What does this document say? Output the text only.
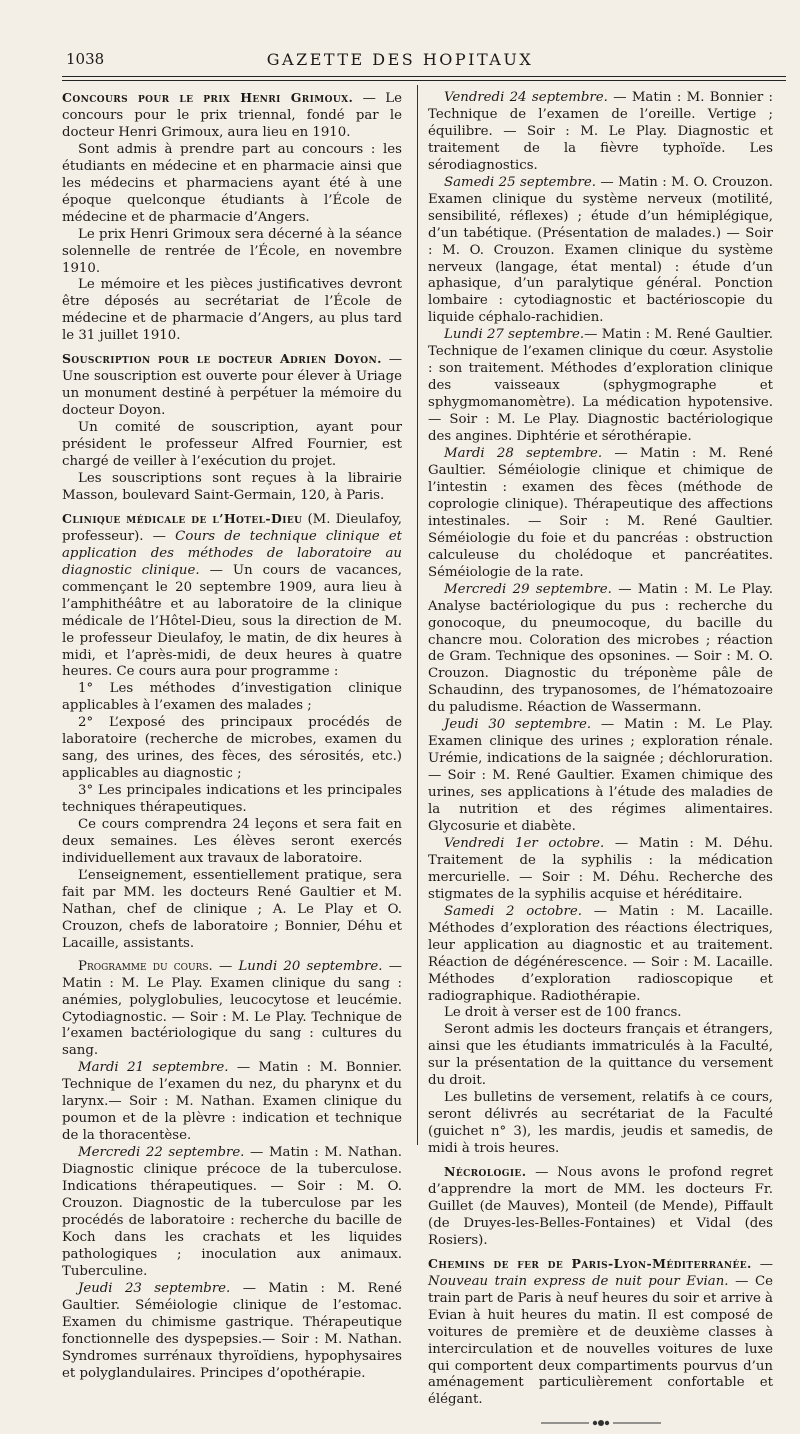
1038	GAZETTE DES HOPITAUX

Concours pour le prix Henri Grimoux. — Le concours pour le prix triennal, fondé par le docteur Henri Grimoux, aura lieu en 1910.

Sont admis à prendre part au concours : les étudiants en médecine et en pharmacie ainsi que les médecins et pharmaciens ayant été à une époque quelconque étudiants à l’École de médecine et de pharmacie d’Angers.

Le prix Henri Grimoux sera décerné à la séance solennelle de rentrée de l’École, en novembre 1910.

Le mémoire et les pièces justificatives devront être déposés au secrétariat de l’École de médecine et de pharmacie d’Angers, au plus tard le 31 juillet 1910.

Souscription pour le docteur Adrien Doyon. — Une souscription est ouverte pour élever à Uriage un monument destiné à perpétuer la mémoire du docteur Doyon.

Un comité de souscription, ayant pour président le professeur Alfred Fournier, est chargé de veiller à l’exécution du projet.

Les souscriptions sont reçues à la librairie Masson, boulevard Saint-Germain, 120, à Paris.

Clinique médicale de l’Hotel-Dieu (M. Dieulafoy, professeur). — Cours de technique clinique et application des méthodes de laboratoire au diagnostic clinique. — Un cours de vacances, commençant le 20 septembre 1909, aura lieu à l’amphithéâtre et au laboratoire de la clinique médicale de l’Hôtel-Dieu, sous la direction de M. le professeur Dieulafoy, le matin, de dix heures à midi, et l’après-midi, de deux heures à quatre heures. Ce cours aura pour programme :

1° Les méthodes d’investigation clinique applicables à l’examen des malades ;

2° L’exposé des principaux procédés de laboratoire (recherche de microbes, examen du sang, des urines, des fèces, des sérosités, etc.) applicables au diagnostic ;

3° Les principales indications et les principales techniques thérapeutiques.

Ce cours comprendra 24 leçons et sera fait en deux semaines. Les élèves seront exercés individuellement aux travaux de laboratoire.

L’enseignement, essentiellement pratique, sera fait par MM. les docteurs René Gaultier et M. Nathan, chef de clinique ; A. Le Play et O. Crouzon, chefs de laboratoire ; Bonnier, Déhu et Lacaille, assistants.

Programme du cours. — Lundi 20 septembre. — Matin : M. Le Play. Examen clinique du sang : anémies, polyglobulies, leucocytose et leucémie. Cytodiagnostic. — Soir : M. Le Play. Technique de l’examen bactériologique du sang : cultures du sang.

Mardi 21 septembre. — Matin : M. Bonnier. Technique de l’examen du nez, du pharynx et du larynx.— Soir : M. Nathan. Examen clinique du poumon et de la plèvre : indication et technique de la thoracentèse.

Mercredi 22 septembre. — Matin : M. Nathan. Diagnostic clinique précoce de la tuberculose. Indications thérapeutiques. — Soir : M. O. Crouzon. Diagnostic de la tuberculose par les procédés de laboratoire : recherche du bacille de Koch dans les crachats et les liquides pathologiques ; inoculation aux animaux. Tuberculine.

Jeudi 23 septembre. — Matin : M. René Gaultier. Séméiologie clinique de l’estomac. Examen du chimisme gastrique. Thérapeutique fonctionnelle des dyspepsies.— Soir : M. Nathan. Syndromes surrénaux thyroïdiens, hypophysaires et polyglandulaires. Principes d’opothérapie.

Vendredi 24 septembre. — Matin : M. Bonnier : Technique de l’examen de l’oreille. Vertige ; équilibre. — Soir : M. Le Play. Diagnostic et traitement de la fièvre typhoïde. Les sérodiagnostics.

Samedi 25 septembre. — Matin : M. O. Crouzon. Examen clinique du système nerveux (motilité, sensibilité, réflexes) ; étude d’un hémiplégique, d’un tabétique. (Présentation de malades.) — Soir : M. O. Crouzon. Examen clinique du système nerveux (langage, état mental) : étude d’un aphasique, d’un paralytique général. Ponction lombaire : cytodiagnostic et bactérioscopie du liquide céphalo-rachidien.

Lundi 27 septembre.— Matin : M. René Gaultier. Technique de l’examen clinique du cœur. Asystolie : son traitement. Méthodes d’exploration clinique des vaisseaux (sphygmographe et sphygmomanomètre). La médication hypotensive. — Soir : M. Le Play. Diagnostic bactériologique des angines. Diphtérie et sérothérapie.

Mardi 28 septembre. — Matin : M. René Gaultier. Séméiologie clinique et chimique de l’intestin : examen des fèces (méthode de coprologie clinique). Thérapeutique des affections intestinales. — Soir : M. René Gaultier. Séméiologie du foie et du pancréas : obstruction calculeuse du cholédoque et pancréatites. Séméiologie de la rate.

Mercredi 29 septembre. — Matin : M. Le Play. Analyse bactériologique du pus : recherche du gonocoque, du pneumocoque, du bacille du chancre mou. Coloration des microbes ; réaction de Gram. Technique des opsonines. — Soir : M. O. Crouzon. Diagnostic du tréponème pâle de Schaudinn, des trypanosomes, de l’hématozoaire du paludisme. Réaction de Wassermann.

Jeudi 30 septembre. — Matin : M. Le Play. Examen clinique des urines ; exploration rénale. Urémie, indications de la saignée ; déchloruration. — Soir : M. René Gaultier. Examen chimique des urines, ses applications à l’étude des maladies de la nutrition et des régimes alimentaires. Glycosurie et diabète.

Vendredi 1er octobre. — Matin : M. Déhu. Traitement de la syphilis : la médication mercurielle. — Soir : M. Déhu. Recherche des stigmates de la syphilis acquise et héréditaire.

Samedi 2 octobre. — Matin : M. Lacaille. Méthodes d’exploration des réactions électriques, leur application au diagnostic et au traitement. Réaction de dégénérescence. — Soir : M. Lacaille. Méthodes d’exploration radioscopique et radiographique. Radiothérapie.

Le droit à verser est de 100 francs.

Seront admis les docteurs français et étrangers, ainsi que les étudiants immatriculés à la Faculté, sur la présentation de la quittance du versement du droit.

Les bulletins de versement, relatifs à ce cours, seront délivrés au secrétariat de la Faculté (guichet n° 3), les mardis, jeudis et samedis, de midi à trois heures.

Nécrologie. — Nous avons le profond regret d’apprendre la mort de MM. les docteurs Fr. Guillet (de Mauves), Monteil (de Mende), Piffault (de Druyes-les-Belles-Fontaines) et Vidal (des Rosiers).

Chemins de fer de Paris-Lyon-Méditerranée. — Nouveau train express de nuit pour Evian. — Ce train part de Paris à neuf heures du soir et arrive à Evian à huit heures du matin. Il est composé de voitures de première et de deuxième classes à intercirculation et de nouvelles voitures de luxe qui comportent deux compartiments pourvus d’un aménagement particulièrement confortable et élégant.
